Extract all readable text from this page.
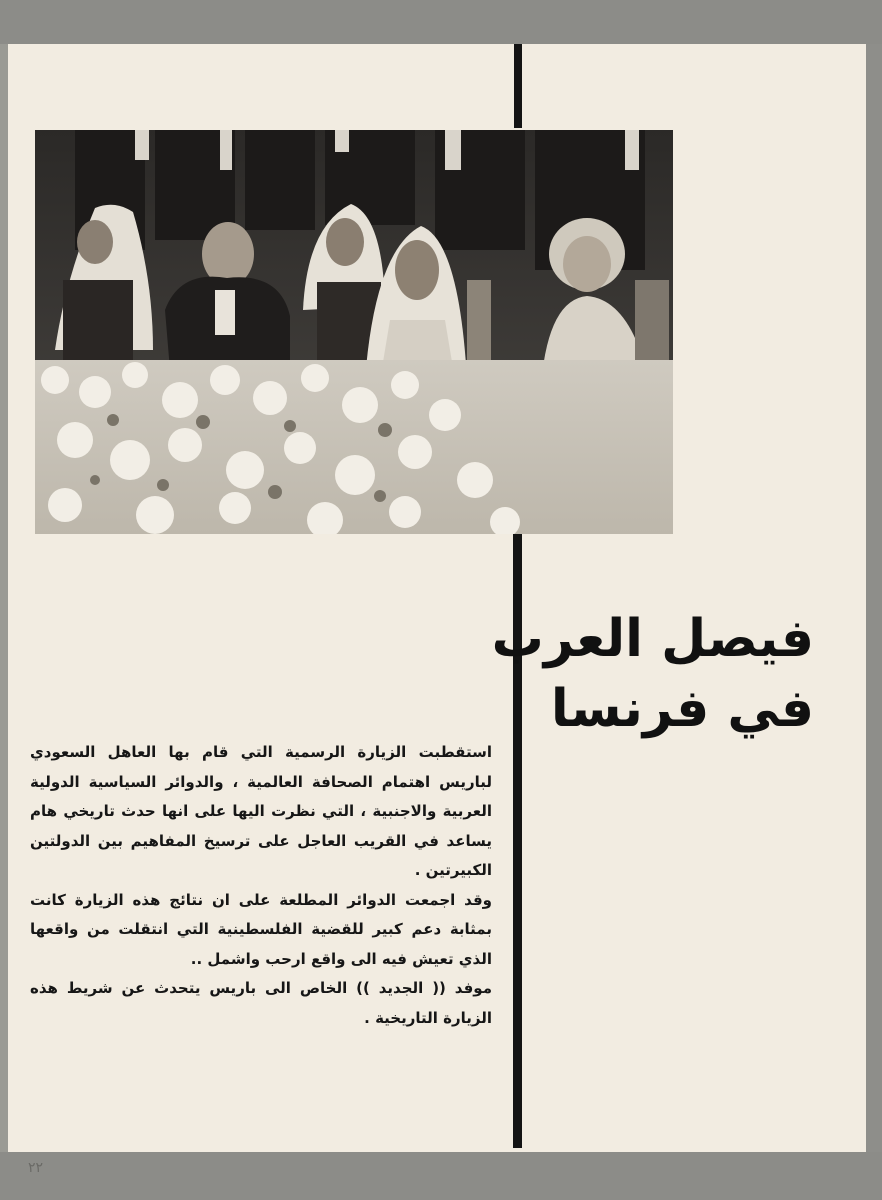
فيصل العرب
في فرنسا

استقطبت الزيارة الرسمية التي قام بها العاهل السعودي لباريس اهتمام الصحافة العالمية ، والدوائر السياسية الدولية العربية والاجنبية ، التي نظرت اليها على انها حدث تاريخي هام يساعد في القريب العاجل على ترسيخ المفاهيم بين الدولتين الكبيرتين .

وقد اجمعت الدوائر المطلعة على ان نتائج هذه الزيارة كانت بمثابة دعم كبير للقضية الفلسطينية التي انتقلت من واقعها الذي تعيش فيه الى واقع ارحب واشمل ..

موفد (( الجديد )) الخاص الى باريس يتحدث عن شريط هذه الزيارة التاريخية .

٢٢
